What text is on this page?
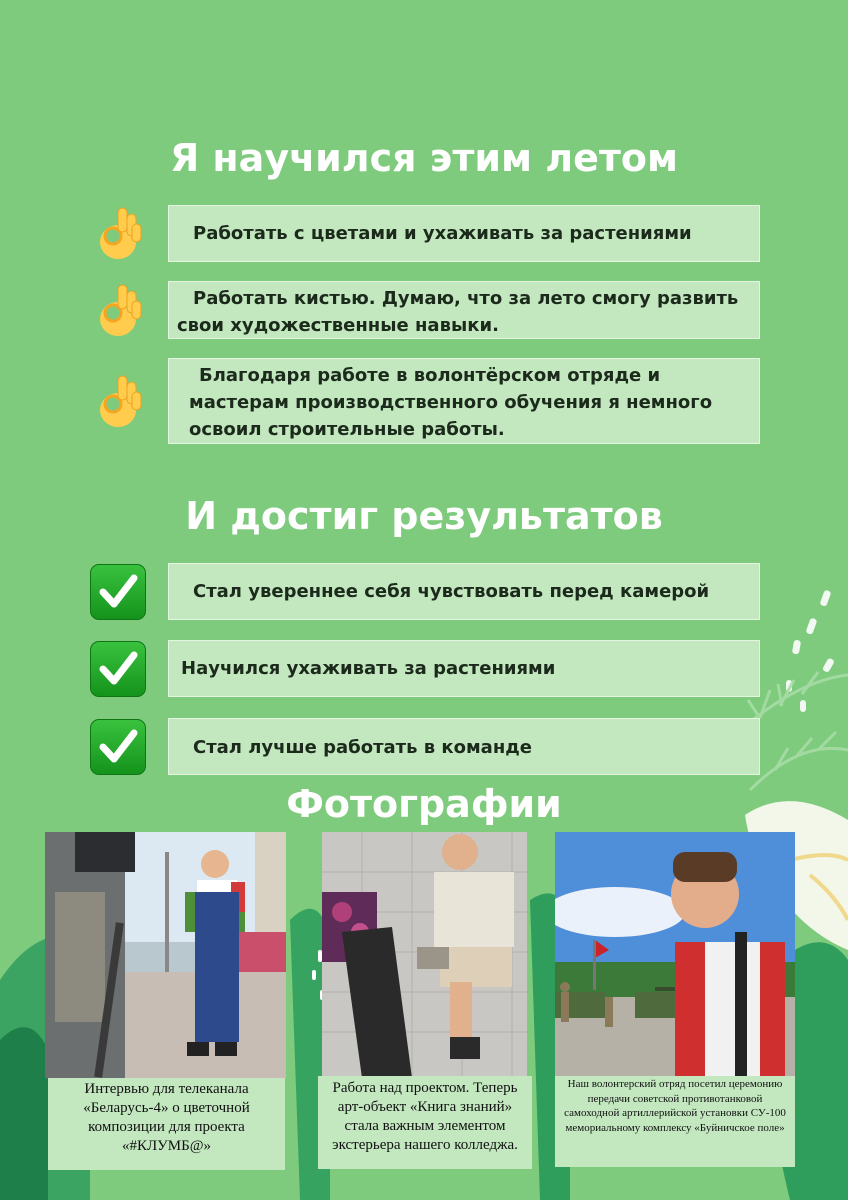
Я научился этим летом
Работать с цветами и ухаживать за растениями
Работать кистью. Думаю, что за лето смогу развить свои художественные навыки.
Благодаря работе в волонтёрском отряде и мастерам производственного обучения я немного освоил строительные работы.
И достиг результатов
Стал увереннее себя чувствовать перед камерой
Научился ухаживать за растениями
Стал лучше работать в команде
Фотографии
Интервью для телеканала «Беларусь-4» о цветочной композиции для проекта «#КЛУМБ@»
Работа над проектом. Теперь арт-объект «Книга знаний» стала важным элементом экстерьера нашего колледжа.
Наш волонтерский отряд посетил церемонию передачи советской противотанковой самоходной артиллерийской установки СУ-100 мемориальному комплексу «Буйничское поле»
